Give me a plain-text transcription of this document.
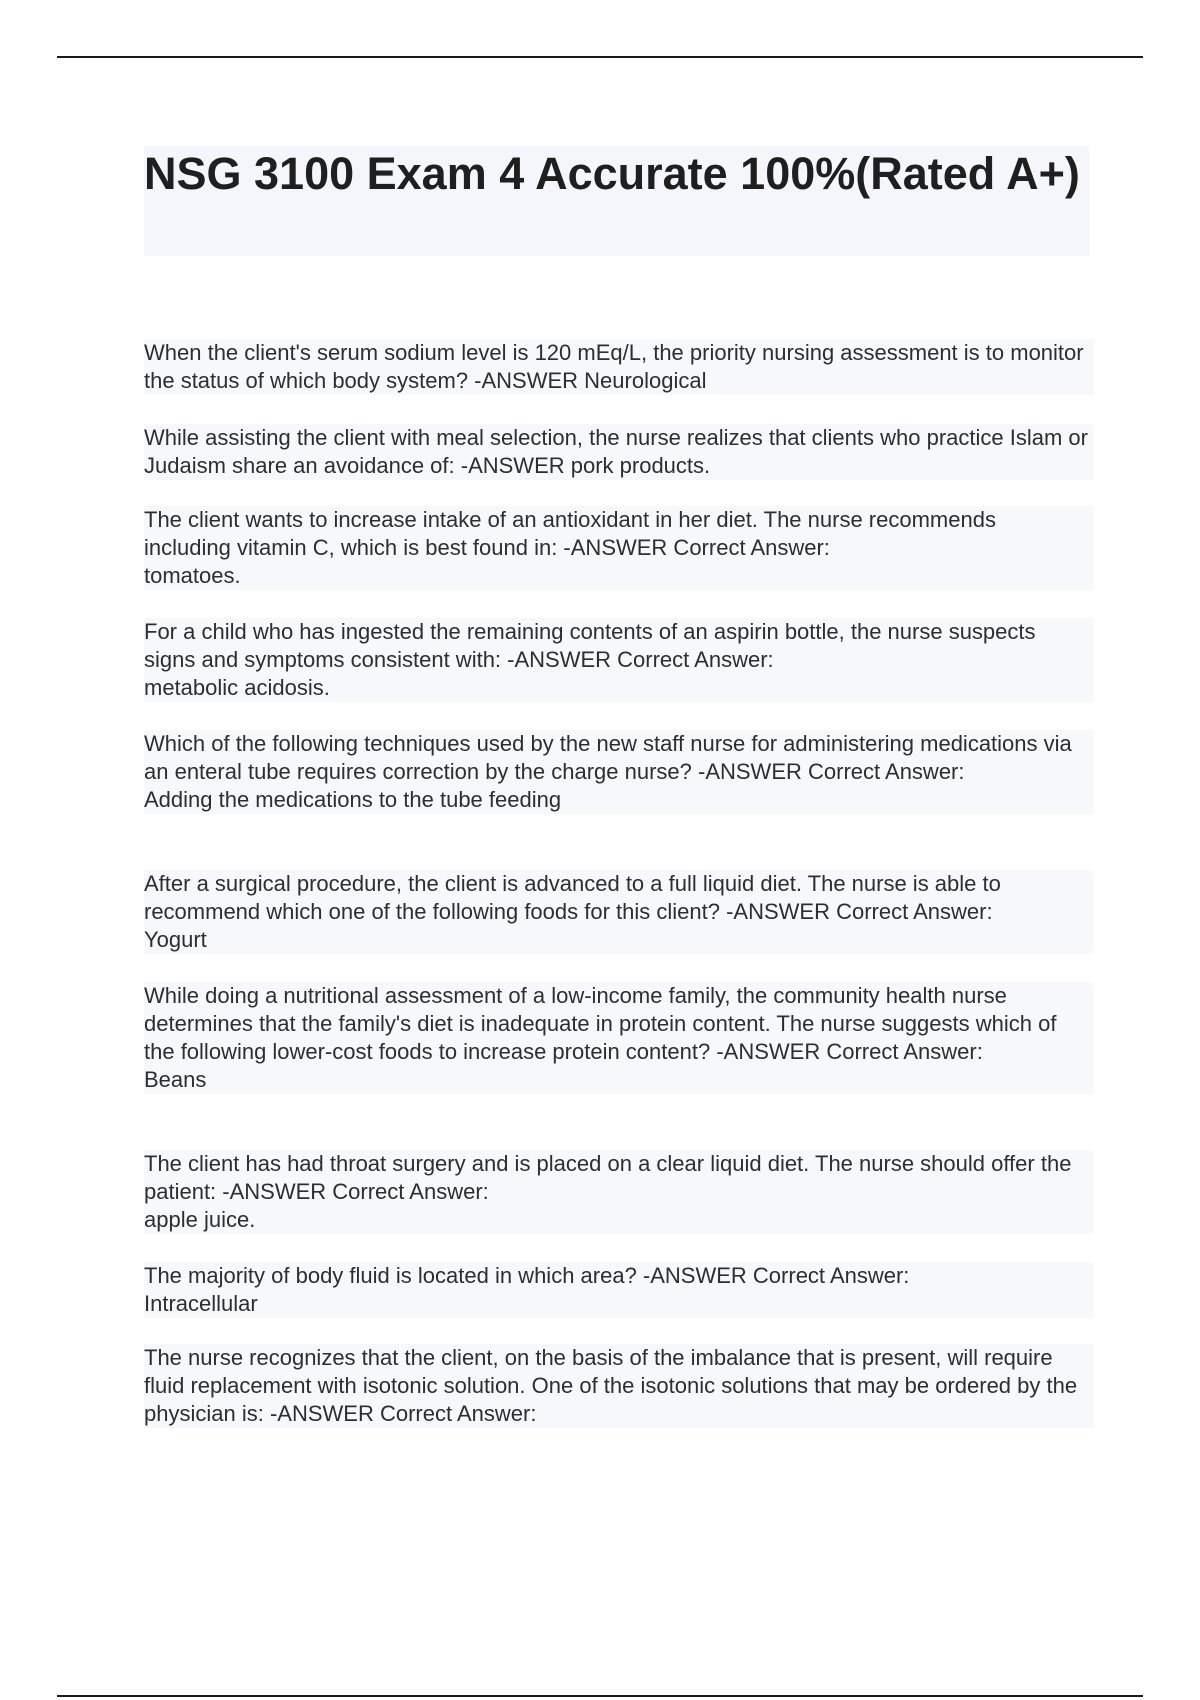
NSG 3100 Exam 4 Accurate 100%(Rated A+)
When the client's serum sodium level is 120 mEq/L, the priority nursing assessment is to monitor the status of which body system? -ANSWER Neurological
While assisting the client with meal selection, the nurse realizes that clients who practice Islam or Judaism share an avoidance of: -ANSWER pork products.
The client wants to increase intake of an antioxidant in her diet. The nurse recommends including vitamin C, which is best found in: -ANSWER Correct Answer:
tomatoes.
For a child who has ingested the remaining contents of an aspirin bottle, the nurse suspects signs and symptoms consistent with: -ANSWER Correct Answer:
metabolic acidosis.
Which of the following techniques used by the new staff nurse for administering medications via an enteral tube requires correction by the charge nurse? -ANSWER Correct Answer:
Adding the medications to the tube feeding
After a surgical procedure, the client is advanced to a full liquid diet. The nurse is able to recommend which one of the following foods for this client? -ANSWER Correct Answer:
Yogurt
While doing a nutritional assessment of a low-income family, the community health nurse determines that the family's diet is inadequate in protein content. The nurse suggests which of the following lower-cost foods to increase protein content? -ANSWER Correct Answer:
Beans
The client has had throat surgery and is placed on a clear liquid diet. The nurse should offer the patient: -ANSWER Correct Answer:
apple juice.
The majority of body fluid is located in which area? -ANSWER Correct Answer:
Intracellular
The nurse recognizes that the client, on the basis of the imbalance that is present, will require fluid replacement with isotonic solution. One of the isotonic solutions that may be ordered by the physician is: -ANSWER Correct Answer:
